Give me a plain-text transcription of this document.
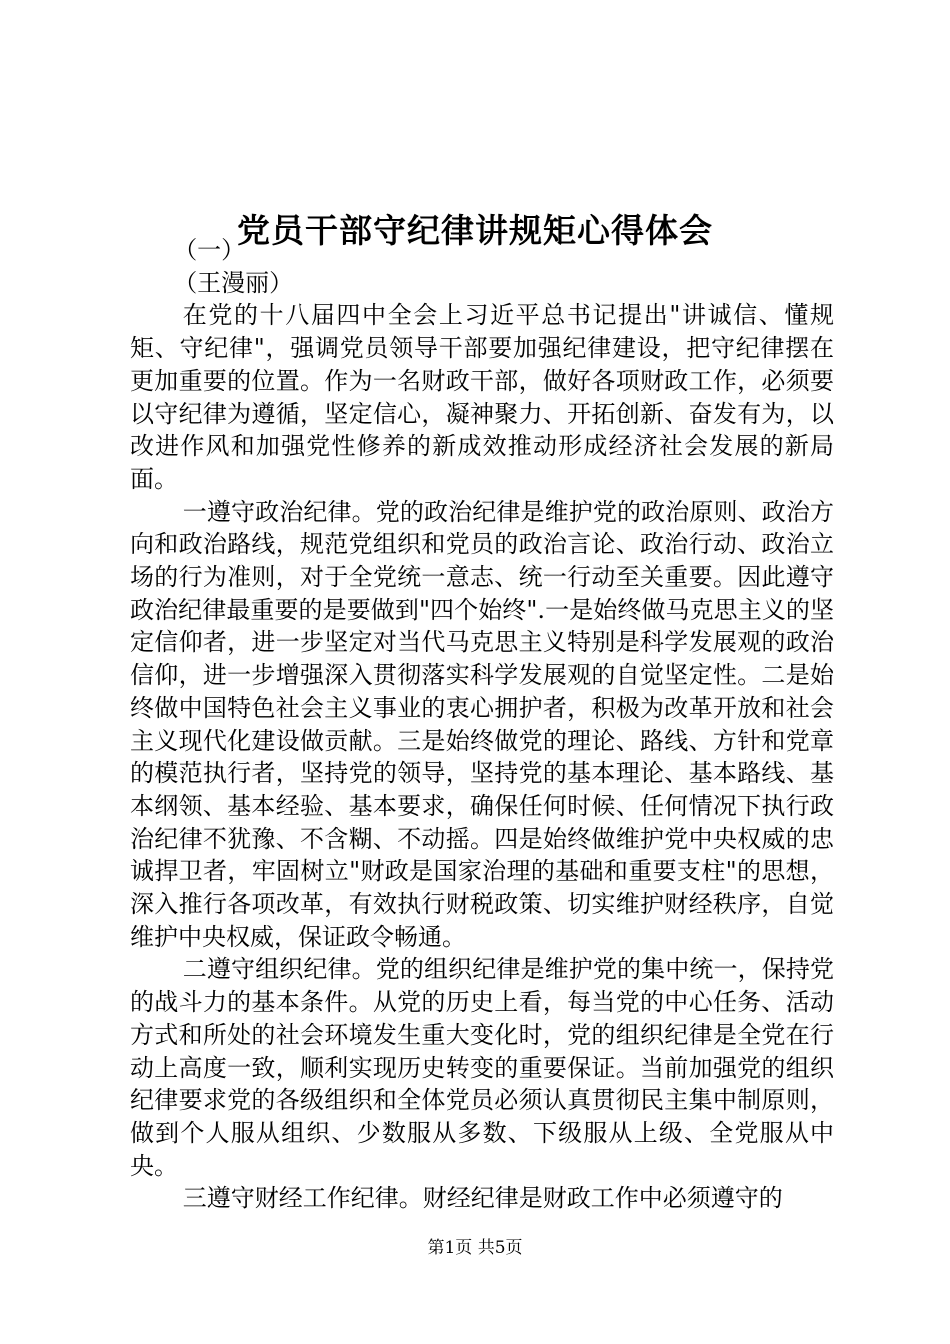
党员干部守纪律讲规矩心得体会

（一）

（王漫丽）

在党的十八届四中全会上习近平总书记提出"讲诚信、懂规矩、守纪律"，强调党员领导干部要加强纪律建设，把守纪律摆在更加重要的位置。作为一名财政干部，做好各项财政工作，必须要以守纪律为遵循，坚定信心，凝神聚力、开拓创新、奋发有为，以改进作风和加强党性修养的新成效推动形成经济社会发展的新局面。

一遵守政治纪律。党的政治纪律是维护党的政治原则、政治方向和政治路线，规范党组织和党员的政治言论、政治行动、政治立场的行为准则，对于全党统一意志、统一行动至关重要。因此遵守政治纪律最重要的是要做到"四个始终".一是始终做马克思主义的坚定信仰者，进一步坚定对当代马克思主义特别是科学发展观的政治信仰，进一步增强深入贯彻落实科学发展观的自觉坚定性。二是始终做中国特色社会主义事业的衷心拥护者，积极为改革开放和社会主义现代化建设做贡献。三是始终做党的理论、路线、方针和党章的模范执行者，坚持党的领导，坚持党的基本理论、基本路线、基本纲领、基本经验、基本要求，确保任何时候、任何情况下执行政治纪律不犹豫、不含糊、不动摇。四是始终做维护党中央权威的忠诚捍卫者，牢固树立"财政是国家治理的基础和重要支柱"的思想，深入推行各项改革，有效执行财税政策、切实维护财经秩序，自觉维护中央权威，保证政令畅通。

二遵守组织纪律。党的组织纪律是维护党的集中统一，保持党的战斗力的基本条件。从党的历史上看，每当党的中心任务、活动方式和所处的社会环境发生重大变化时，党的组织纪律是全党在行动上高度一致，顺利实现历史转变的重要保证。当前加强党的组织纪律要求党的各级组织和全体党员必须认真贯彻民主集中制原则，做到个人服从组织、少数服从多数、下级服从上级、全党服从中央。

三遵守财经工作纪律。财经纪律是财政工作中必须遵守的

第1页 共5页
